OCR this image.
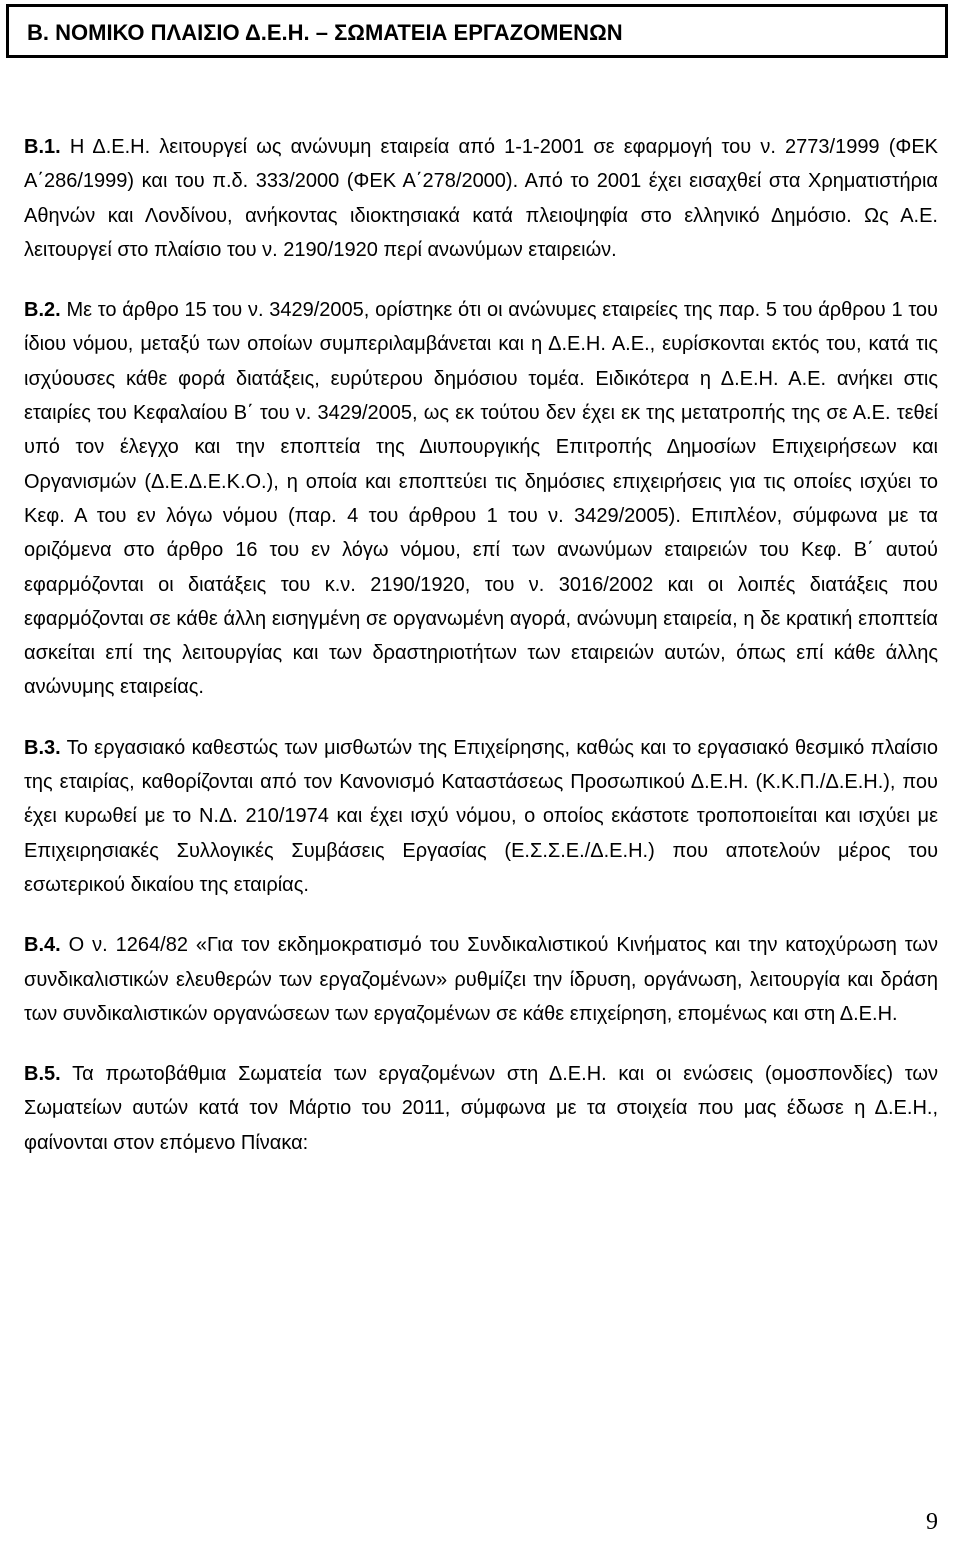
Β. ΝΟΜΙΚΟ ΠΛΑΙΣΙΟ Δ.Ε.Η. – ΣΩΜΑΤΕΙΑ ΕΡΓΑΖΟΜΕΝΩΝ

Β.1. Η Δ.Ε.Η. λειτουργεί ως ανώνυμη εταιρεία από 1-1-2001 σε εφαρμογή του ν. 2773/1999 (ΦΕΚ Α΄286/1999) και του π.δ. 333/2000 (ΦΕΚ Α΄278/2000). Από το 2001 έχει εισαχθεί στα Χρηματιστήρια Αθηνών και Λονδίνου, ανήκοντας ιδιοκτησιακά κατά πλειοψηφία στο ελληνικό Δημόσιο. Ως Α.Ε. λειτουργεί στο πλαίσιο του ν. 2190/1920 περί ανωνύμων εταιρειών.

Β.2. Με το άρθρο 15 του ν. 3429/2005, ορίστηκε ότι οι ανώνυμες εταιρείες της παρ. 5 του άρθρου 1 του ίδιου νόμου, μεταξύ των οποίων συμπεριλαμβάνεται και η Δ.Ε.Η. Α.Ε., ευρίσκονται εκτός του, κατά τις ισχύουσες κάθε φορά διατάξεις, ευρύτερου δημόσιου τομέα. Ειδικότερα η Δ.Ε.Η. Α.Ε. ανήκει στις εταιρίες του Κεφαλαίου Β΄ του ν. 3429/2005, ως εκ τούτου δεν έχει εκ της μετατροπής της σε Α.Ε. τεθεί υπό τον έλεγχο και την εποπτεία της Διυπουργικής Επιτροπής Δημοσίων Επιχειρήσεων και Οργανισμών (Δ.Ε.Δ.Ε.Κ.Ο.), η οποία και εποπτεύει τις δημόσιες επιχειρήσεις για τις οποίες ισχύει το Κεφ. Α του εν λόγω νόμου (παρ. 4 του άρθρου 1 του ν. 3429/2005). Επιπλέον, σύμφωνα με τα οριζόμενα στο άρθρο 16 του εν λόγω νόμου, επί των ανωνύμων εταιρειών του Κεφ. Β΄ αυτού εφαρμόζονται οι διατάξεις του κ.ν. 2190/1920, του ν. 3016/2002 και οι λοιπές διατάξεις που εφαρμόζονται σε κάθε άλλη εισηγμένη σε οργανωμένη αγορά, ανώνυμη εταιρεία, η δε κρατική εποπτεία ασκείται επί της λειτουργίας και των δραστηριοτήτων των εταιρειών αυτών, όπως επί κάθε άλλης ανώνυμης εταιρείας.

Β.3. Το εργασιακό καθεστώς των μισθωτών της Επιχείρησης, καθώς και το εργασιακό θεσμικό πλαίσιο της εταιρίας, καθορίζονται από τον Κανονισμό Καταστάσεως Προσωπικού Δ.Ε.Η. (Κ.Κ.Π./Δ.Ε.Η.), που έχει κυρωθεί με το Ν.Δ. 210/1974 και έχει ισχύ νόμου, ο οποίος εκάστοτε τροποποιείται και ισχύει με Επιχειρησιακές Συλλογικές Συμβάσεις Εργασίας (Ε.Σ.Σ.Ε./Δ.Ε.Η.) που αποτελούν μέρος του εσωτερικού δικαίου της εταιρίας.

Β.4. Ο ν. 1264/82 «Για τον εκδημοκρατισμό του Συνδικαλιστικού Κινήματος και την κατοχύρωση των συνδικαλιστικών ελευθερών των εργαζομένων» ρυθμίζει την ίδρυση, οργάνωση, λειτουργία και δράση των συνδικαλιστικών οργανώσεων των εργαζομένων σε κάθε επιχείρηση, επομένως και στη Δ.Ε.Η.

Β.5. Τα πρωτοβάθμια Σωματεία των εργαζομένων στη Δ.Ε.Η. και οι ενώσεις (ομοσπονδίες) των Σωματείων αυτών κατά τον Μάρτιο του 2011, σύμφωνα με τα στοιχεία που μας έδωσε η Δ.Ε.Η., φαίνονται στον επόμενο Πίνακα:

9
